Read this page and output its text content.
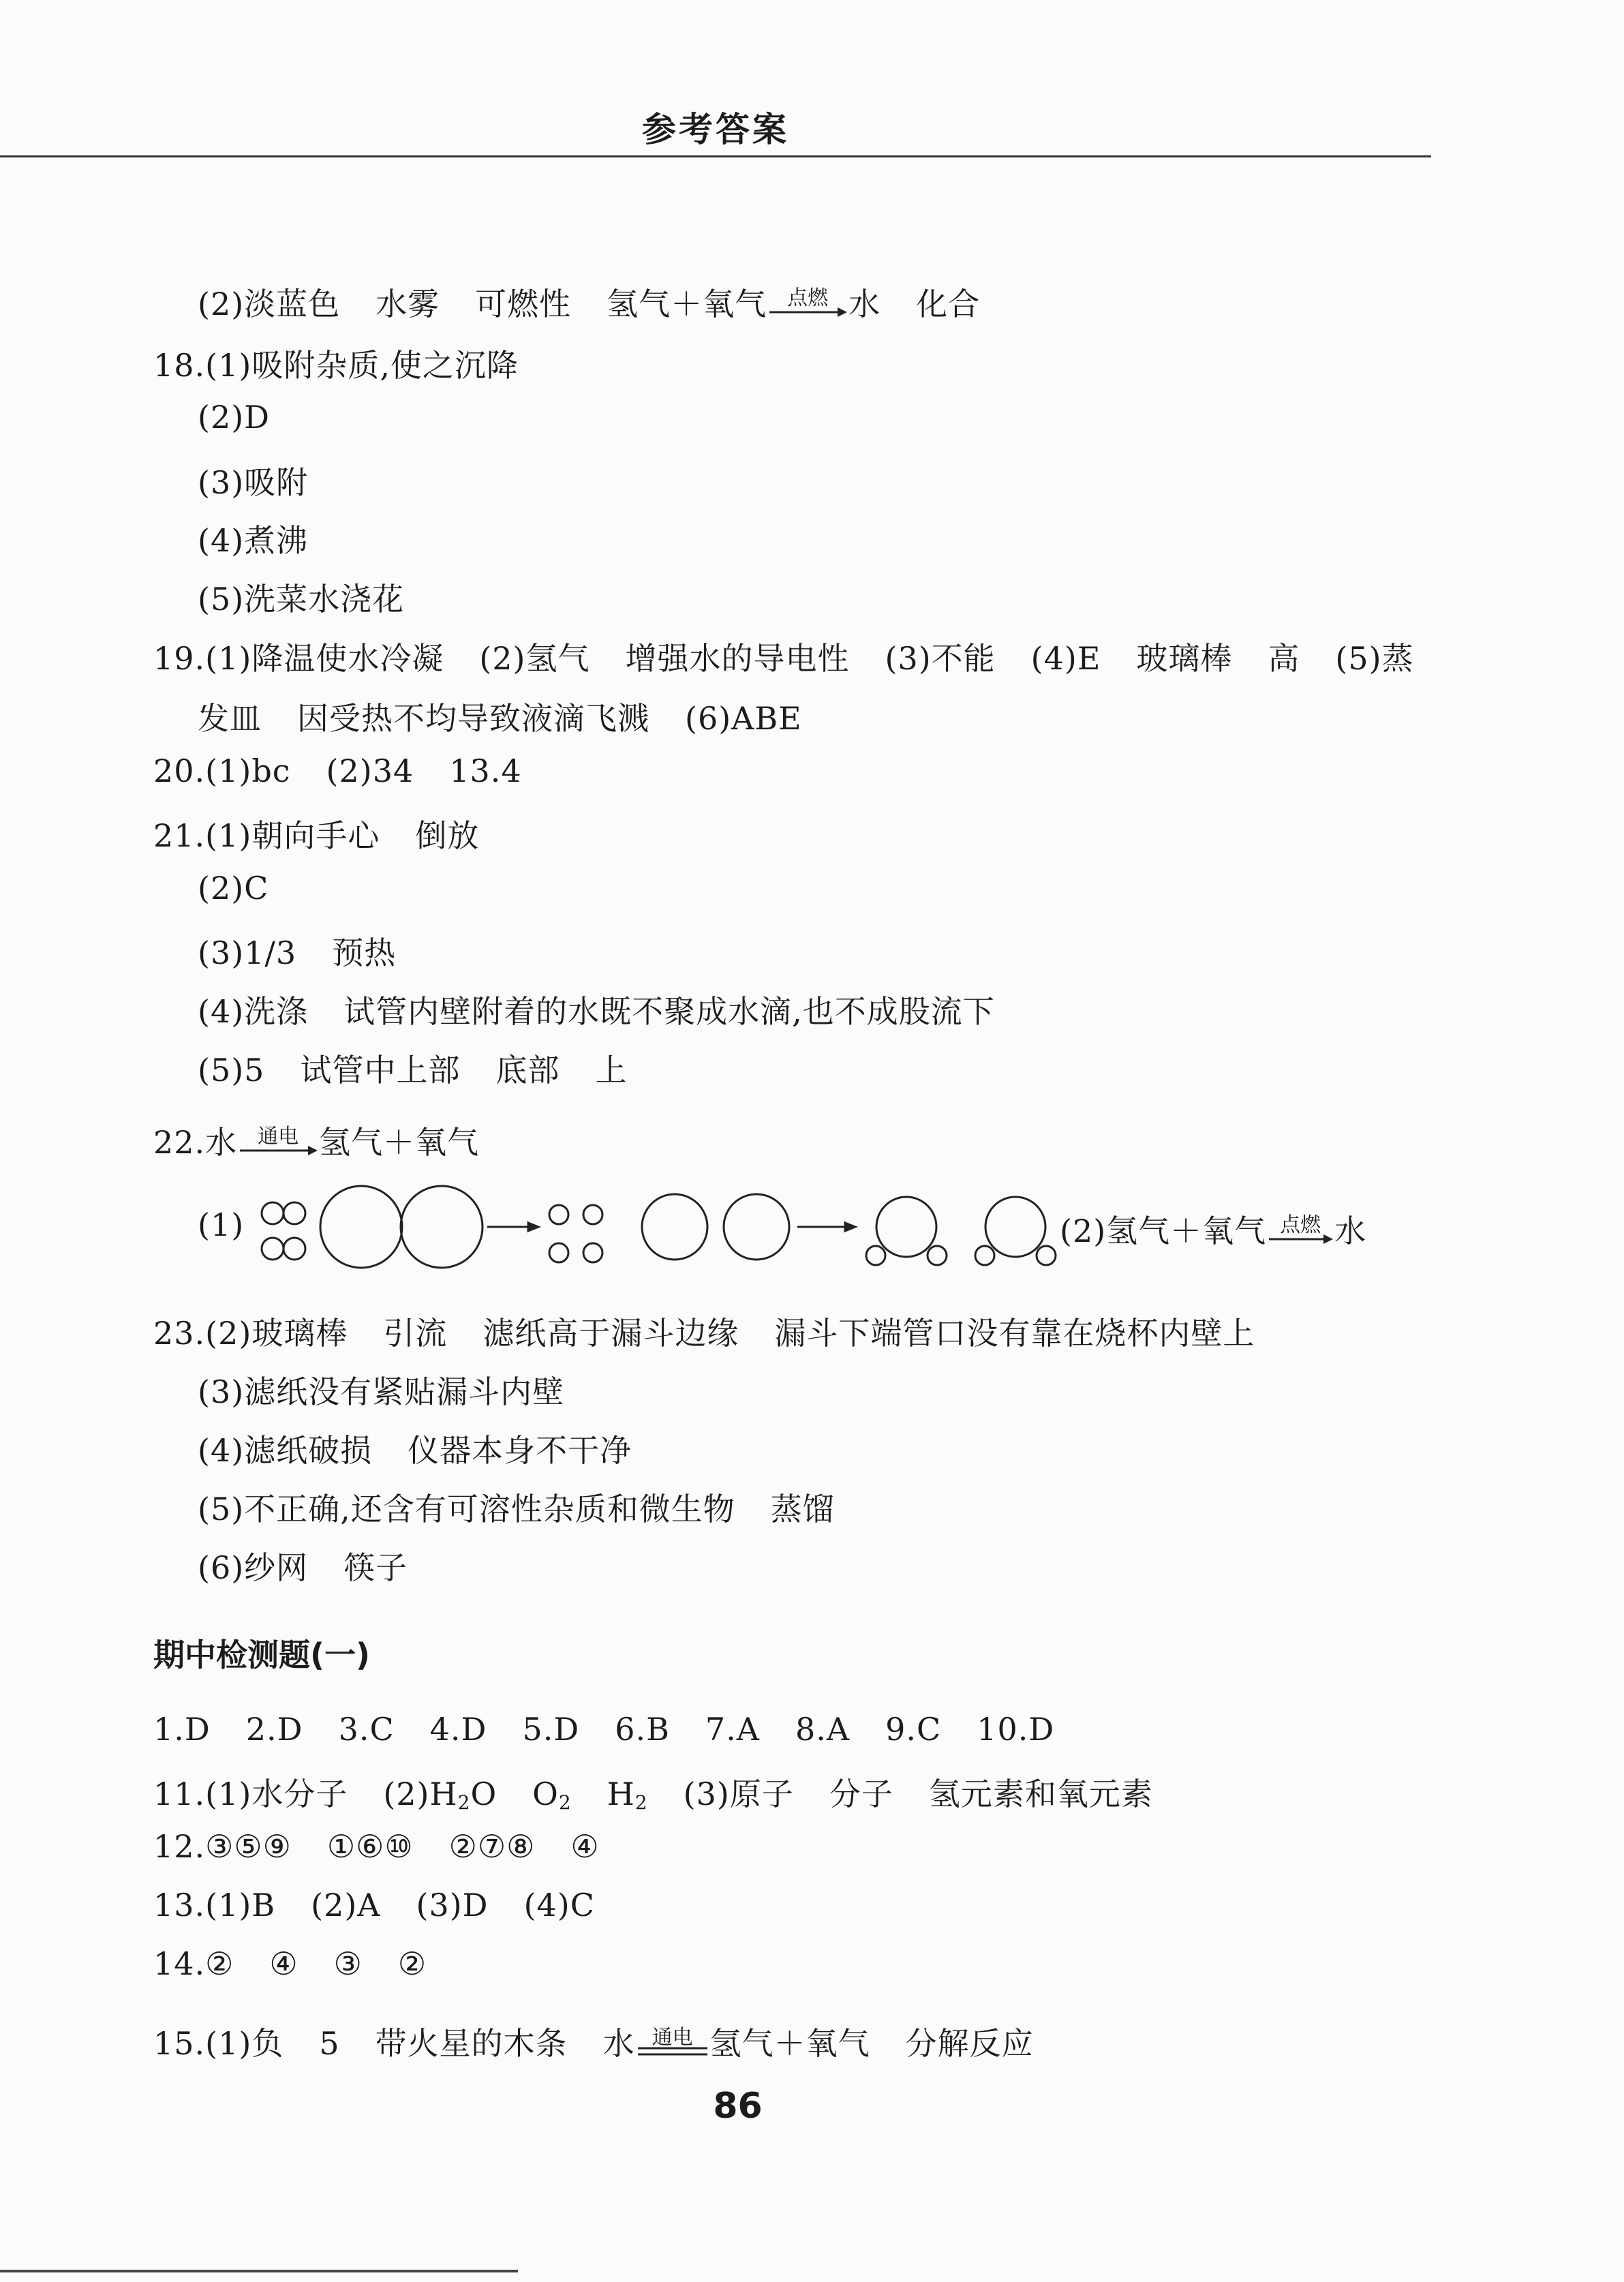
参考答案
(2)淡蓝色 水雾 可燃性 氢气＋氧气	点燃 水 化合
18.(1)吸附杂质,使之沉降
(2)D
(3)吸附
(4)煮沸
(5)洗菜水浇花
19.(1)降温使水冷凝 (2)氢气 增强水的导电性 (3)不能 (4)E 玻璃棒 高 (5)蒸
发皿 因受热不均导致液滴飞溅 (6)ABE
20.(1)bc (2)34 13.4
21.(1)朝向手心 倒放
(2)C
(3)1/3 预热
(4)洗涤 试管内壁附着的水既不聚成水滴,也不成股流下
(5)5 试管中上部 底部 上
22.水	通电 氢气＋氧气
(1)	(2)氢气＋氧气 点燃 水
23.(2)玻璃棒 引流 滤纸高于漏斗边缘 漏斗下端管口没有靠在烧杯内壁上
(3)滤纸没有紧贴漏斗内壁
(4)滤纸破损 仪器本身不干净
(5)不正确,还含有可溶性杂质和微生物 蒸馏
(6)纱网 筷子
期中检测题(一)
1.D 2.D 3.C 4.D 5.D 6.B 7.A 8.A 9.C 10.D
11.(1)水分子 $(2)H_2O$ $O_2$ $H_2$ (3)原子 分子 氢元素和氧元素
12.③⑤⑨ ①⑥⑩ ②⑦⑧ ④
13.(1)B (2)A (3)D (4)C
14.② ④ ③ ②
15.(1)负 5 带火星的木条 水 通电 氢气＋氧气 分解反应
86
